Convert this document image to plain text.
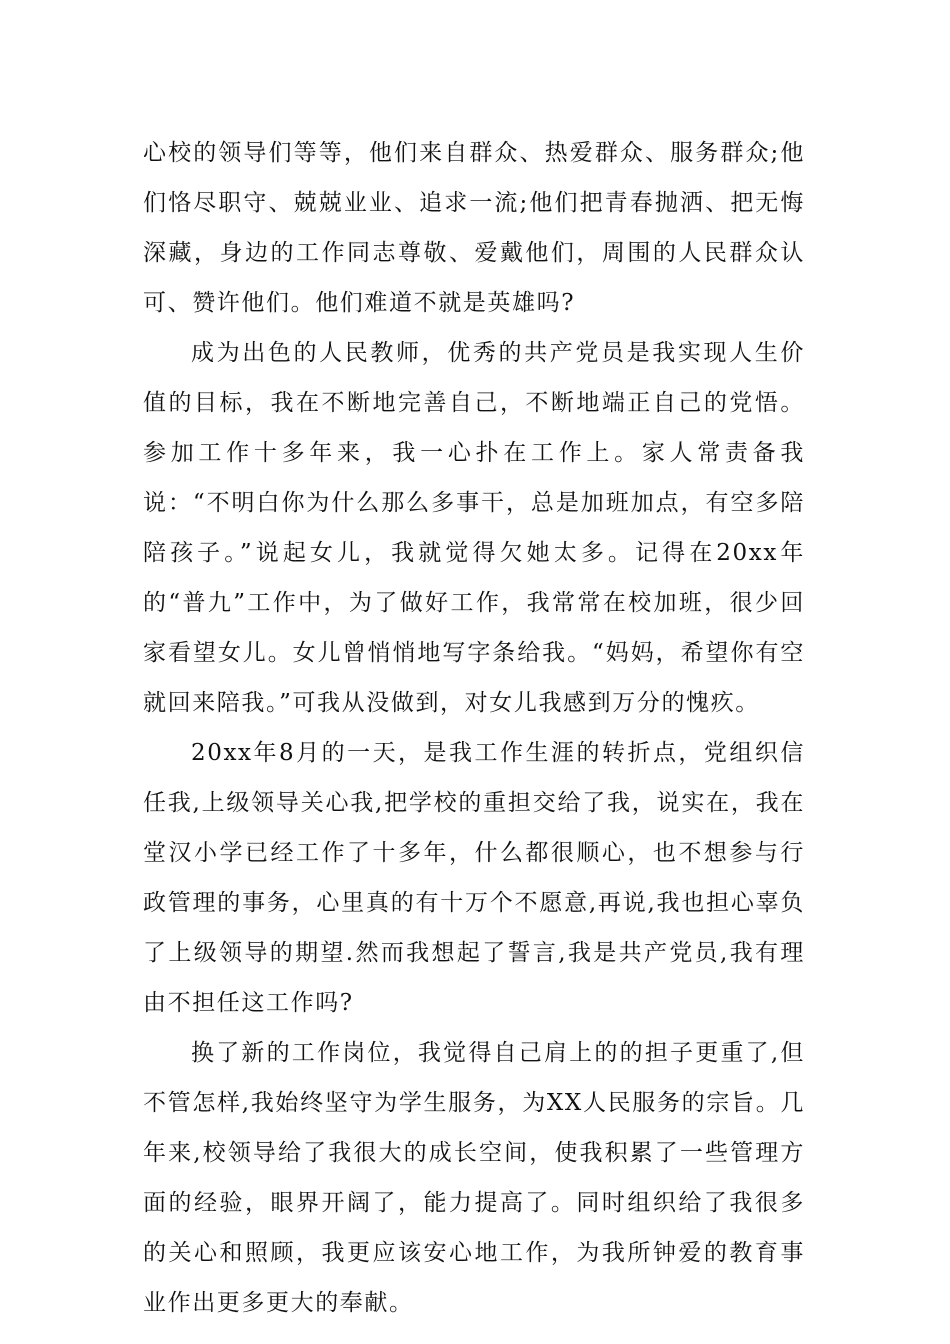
心校的领导们等等，他们来自群众、热爱群众、服务群众;他们恪尽职守、兢兢业业、追求一流;他们把青春抛洒、把无悔深藏，身边的工作同志尊敬、爱戴他们，周围的人民群众认可、赞许他们。他们难道不就是英雄吗?

成为出色的人民教师，优秀的共产党员是我实现人生价值的目标，我在不断地完善自己，不断地端正自己的党悟。参加工作十多年来，我一心扑在工作上。家人常责备我说：“不明白你为什么那么多事干，总是加班加点，有空多陪陪孩子。”说起女儿，我就觉得欠她太多。记得在20xx年的“普九”工作中，为了做好工作，我常常在校加班，很少回家看望女儿。女儿曾悄悄地写字条给我。“妈妈，希望你有空就回来陪我。”可我从没做到，对女儿我感到万分的愧疚。

20xx年8月的一天，是我工作生涯的转折点，党组织信任我,上级领导关心我,把学校的重担交给了我，说实在，我在堂汉小学已经工作了十多年，什么都很顺心，也不想参与行政管理的事务，心里真的有十万个不愿意,再说,我也担心辜负了上级领导的期望.然而我想起了誓言,我是共产党员,我有理由不担任这工作吗?

换了新的工作岗位，我觉得自己肩上的的担子更重了,但不管怎样,我始终坚守为学生服务，为XX人民服务的宗旨。几年来,校领导给了我很大的成长空间，使我积累了一些管理方面的经验，眼界开阔了，能力提高了。同时组织给了我很多的关心和照顾，我更应该安心地工作，为我所钟爱的教育事业作出更多更大的奉献。
